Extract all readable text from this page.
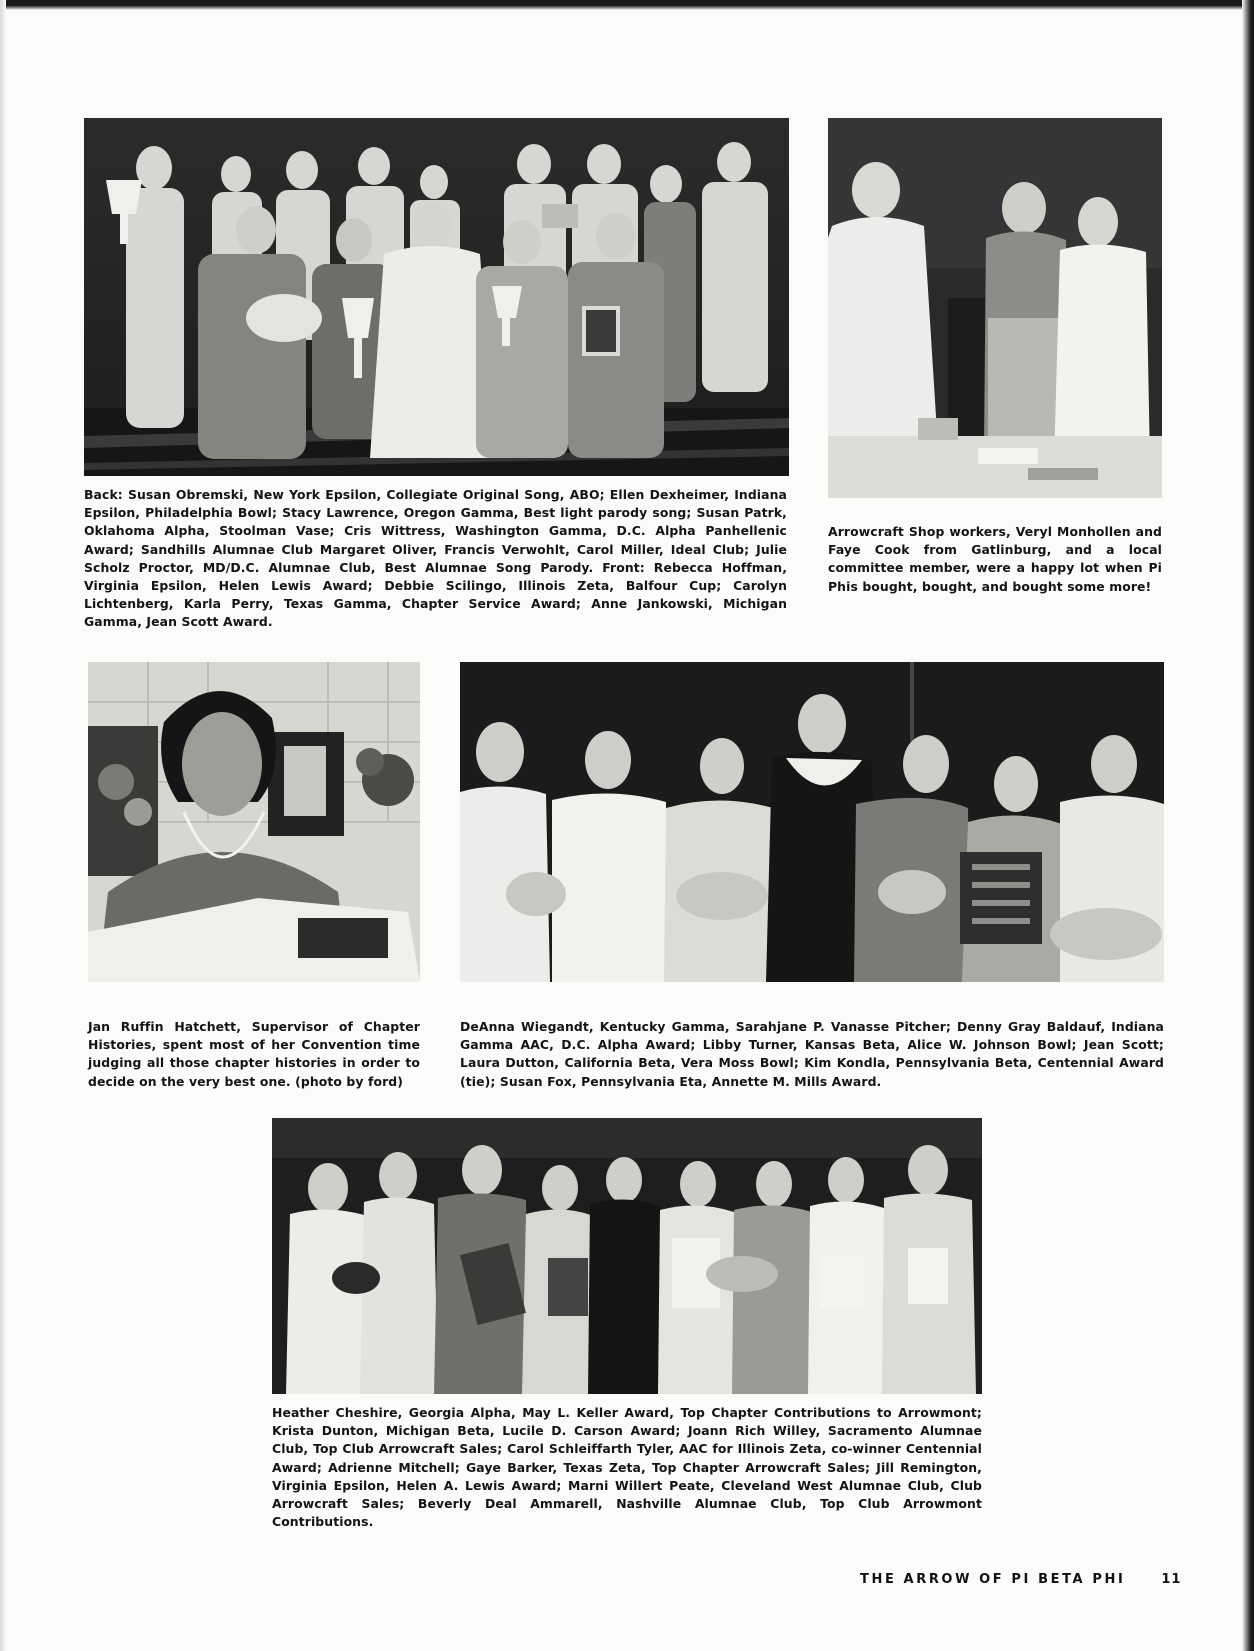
Back: Susan Obremski, New York Epsilon, Collegiate Original Song, ABO; Ellen Dexheimer, Indiana Epsilon, Philadelphia Bowl; Stacy Lawrence, Oregon Gamma, Best light parody song; Susan Patrk, Oklahoma Alpha, Stoolman Vase; Cris Wittress, Washington Gamma, D.C. Alpha Panhellenic Award; Sandhills Alumnae Club Margaret Oliver, Francis Verwohlt, Carol Miller, Ideal Club; Julie Scholz Proctor, MD/D.C. Alumnae Club, Best Alumnae Song Parody. Front: Rebecca Hoffman, Virginia Epsilon, Helen Lewis Award; Debbie Scilingo, Illinois Zeta, Balfour Cup; Carolyn Lichtenberg, Karla Perry, Texas Gamma, Chapter Service Award; Anne Jankowski, Michigan Gamma, Jean Scott Award.

Arrowcraft Shop workers, Veryl Monhollen and Faye Cook from Gatlinburg, and a local committee member, were a happy lot when Pi Phis bought, bought, and bought some more!

Jan Ruffin Hatchett, Supervisor of Chapter Histories, spent most of her Convention time judging all those chapter histories in order to decide on the very best one. (photo by ford)

DeAnna Wiegandt, Kentucky Gamma, Sarahjane P. Vanasse Pitcher; Denny Gray Baldauf, Indiana Gamma AAC, D.C. Alpha Award; Libby Turner, Kansas Beta, Alice W. Johnson Bowl; Jean Scott; Laura Dutton, California Beta, Vera Moss Bowl; Kim Kondla, Pennsylvania Beta, Centennial Award (tie); Susan Fox, Pennsylvania Eta, Annette M. Mills Award.

Heather Cheshire, Georgia Alpha, May L. Keller Award, Top Chapter Contributions to Arrowmont; Krista Dunton, Michigan Beta, Lucile D. Carson Award; Joann Rich Willey, Sacramento Alumnae Club, Top Club Arrowcraft Sales; Carol Schleiffarth Tyler, AAC for Illinois Zeta, co-winner Centennial Award; Adrienne Mitchell; Gaye Barker, Texas Zeta, Top Chapter Arrowcraft Sales; Jill Remington, Virginia Epsilon, Helen A. Lewis Award; Marni Willert Peate, Cleveland West Alumnae Club, Club Arrowcraft Sales; Beverly Deal Ammarell, Nashville Alumnae Club, Top Club Arrowmont Contributions.

THE ARROW OF PI BETA PHI	11
